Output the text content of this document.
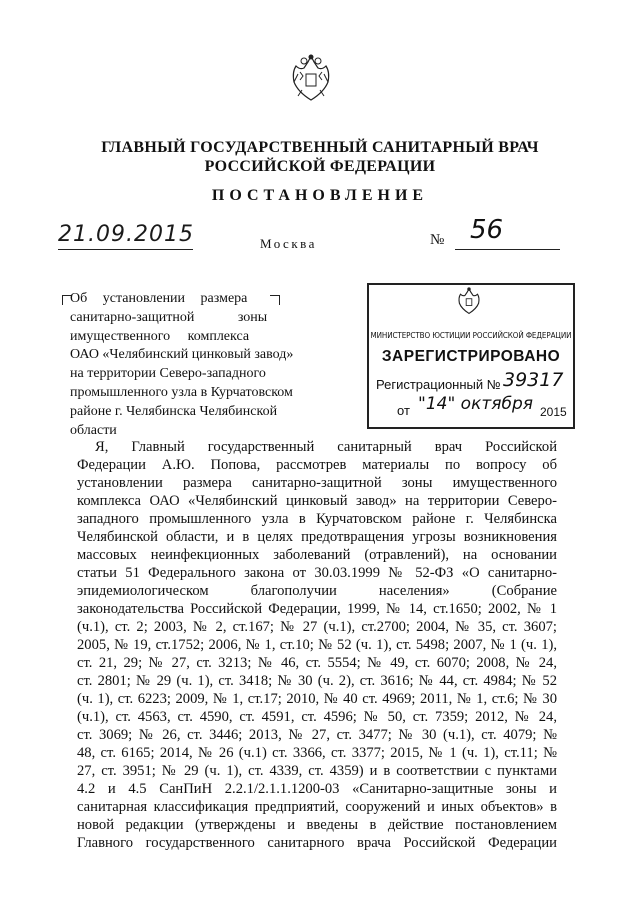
ГЛАВНЫЙ ГОСУДАРСТВЕННЫЙ САНИТАРНЫЙ ВРАЧ
РОССИЙСКОЙ ФЕДЕРАЦИИ
ПОСТАНОВЛЕНИЕ
21.09.2015	Москва	№ 56
Об установлении размера
санитарно-защитной зоны
имущественного комплекса
ОАО «Челябинский цинковый завод»
на территории Северо-западного
промышленного узла в Курчатовском
районе г. Челябинска Челябинской
области
МИНИСТЕРСТВО ЮСТИЦИИ РОССИЙСКОЙ ФЕДЕРАЦИИ
ЗАРЕГИСТРИРОВАНО
Регистрационный № 39317
от "14" октября 2015
Я, Главный государственный санитарный врач Российской
Федерации А.Ю. Попова, рассмотрев материалы по вопросу об
установлении размера санитарно-защитной зоны имущественного
комплекса ОАО «Челябинский цинковый завод» на территории Северо-
западного промышленного узла в Курчатовском районе г. Челябинска
Челябинской области, и в целях предотвращения угрозы возникновения
массовых неинфекционных заболеваний (отравлений), на основании
статьи 51 Федерального закона от 30.03.1999 № 52-ФЗ «О санитарно-
эпидемиологическом благополучии населения» (Собрание
законодательства Российской Федерации, 1999, № 14, ст.1650; 2002, № 1
(ч.1), ст. 2; 2003, № 2, ст.167; № 27 (ч.1), ст.2700; 2004, № 35, ст. 3607;
2005, № 19, ст.1752; 2006, № 1, ст.10; № 52 (ч. 1), ст. 5498; 2007, № 1 (ч. 1),
ст. 21, 29; № 27, ст. 3213; № 46, ст. 5554; № 49, ст. 6070; 2008, № 24,
ст. 2801; № 29 (ч. 1), ст. 3418; № 30 (ч. 2), ст. 3616; № 44, ст. 4984; № 52
(ч. 1), ст. 6223; 2009, № 1, ст.17; 2010, № 40 ст. 4969; 2011, № 1, ст.6; № 30
(ч.1), ст. 4563, ст. 4590, ст. 4591, ст. 4596; № 50, ст. 7359; 2012, № 24,
ст. 3069; № 26, ст. 3446; 2013, № 27, ст. 3477; № 30 (ч.1), ст. 4079; №
48, ст. 6165; 2014, № 26 (ч.1) ст. 3366, ст. 3377; 2015, № 1 (ч. 1), ст.11; №
27, ст. 3951; № 29 (ч. 1), ст. 4339, ст. 4359) и в соответствии с пунктами
4.2 и 4.5 СанПиН 2.2.1/2.1.1.1200-03 «Санитарно-защитные зоны и
санитарная классификация предприятий, сооружений и иных объектов» в
новой редакции (утверждены и введены в действие постановлением
Главного государственного санитарного врача Российской Федерации
